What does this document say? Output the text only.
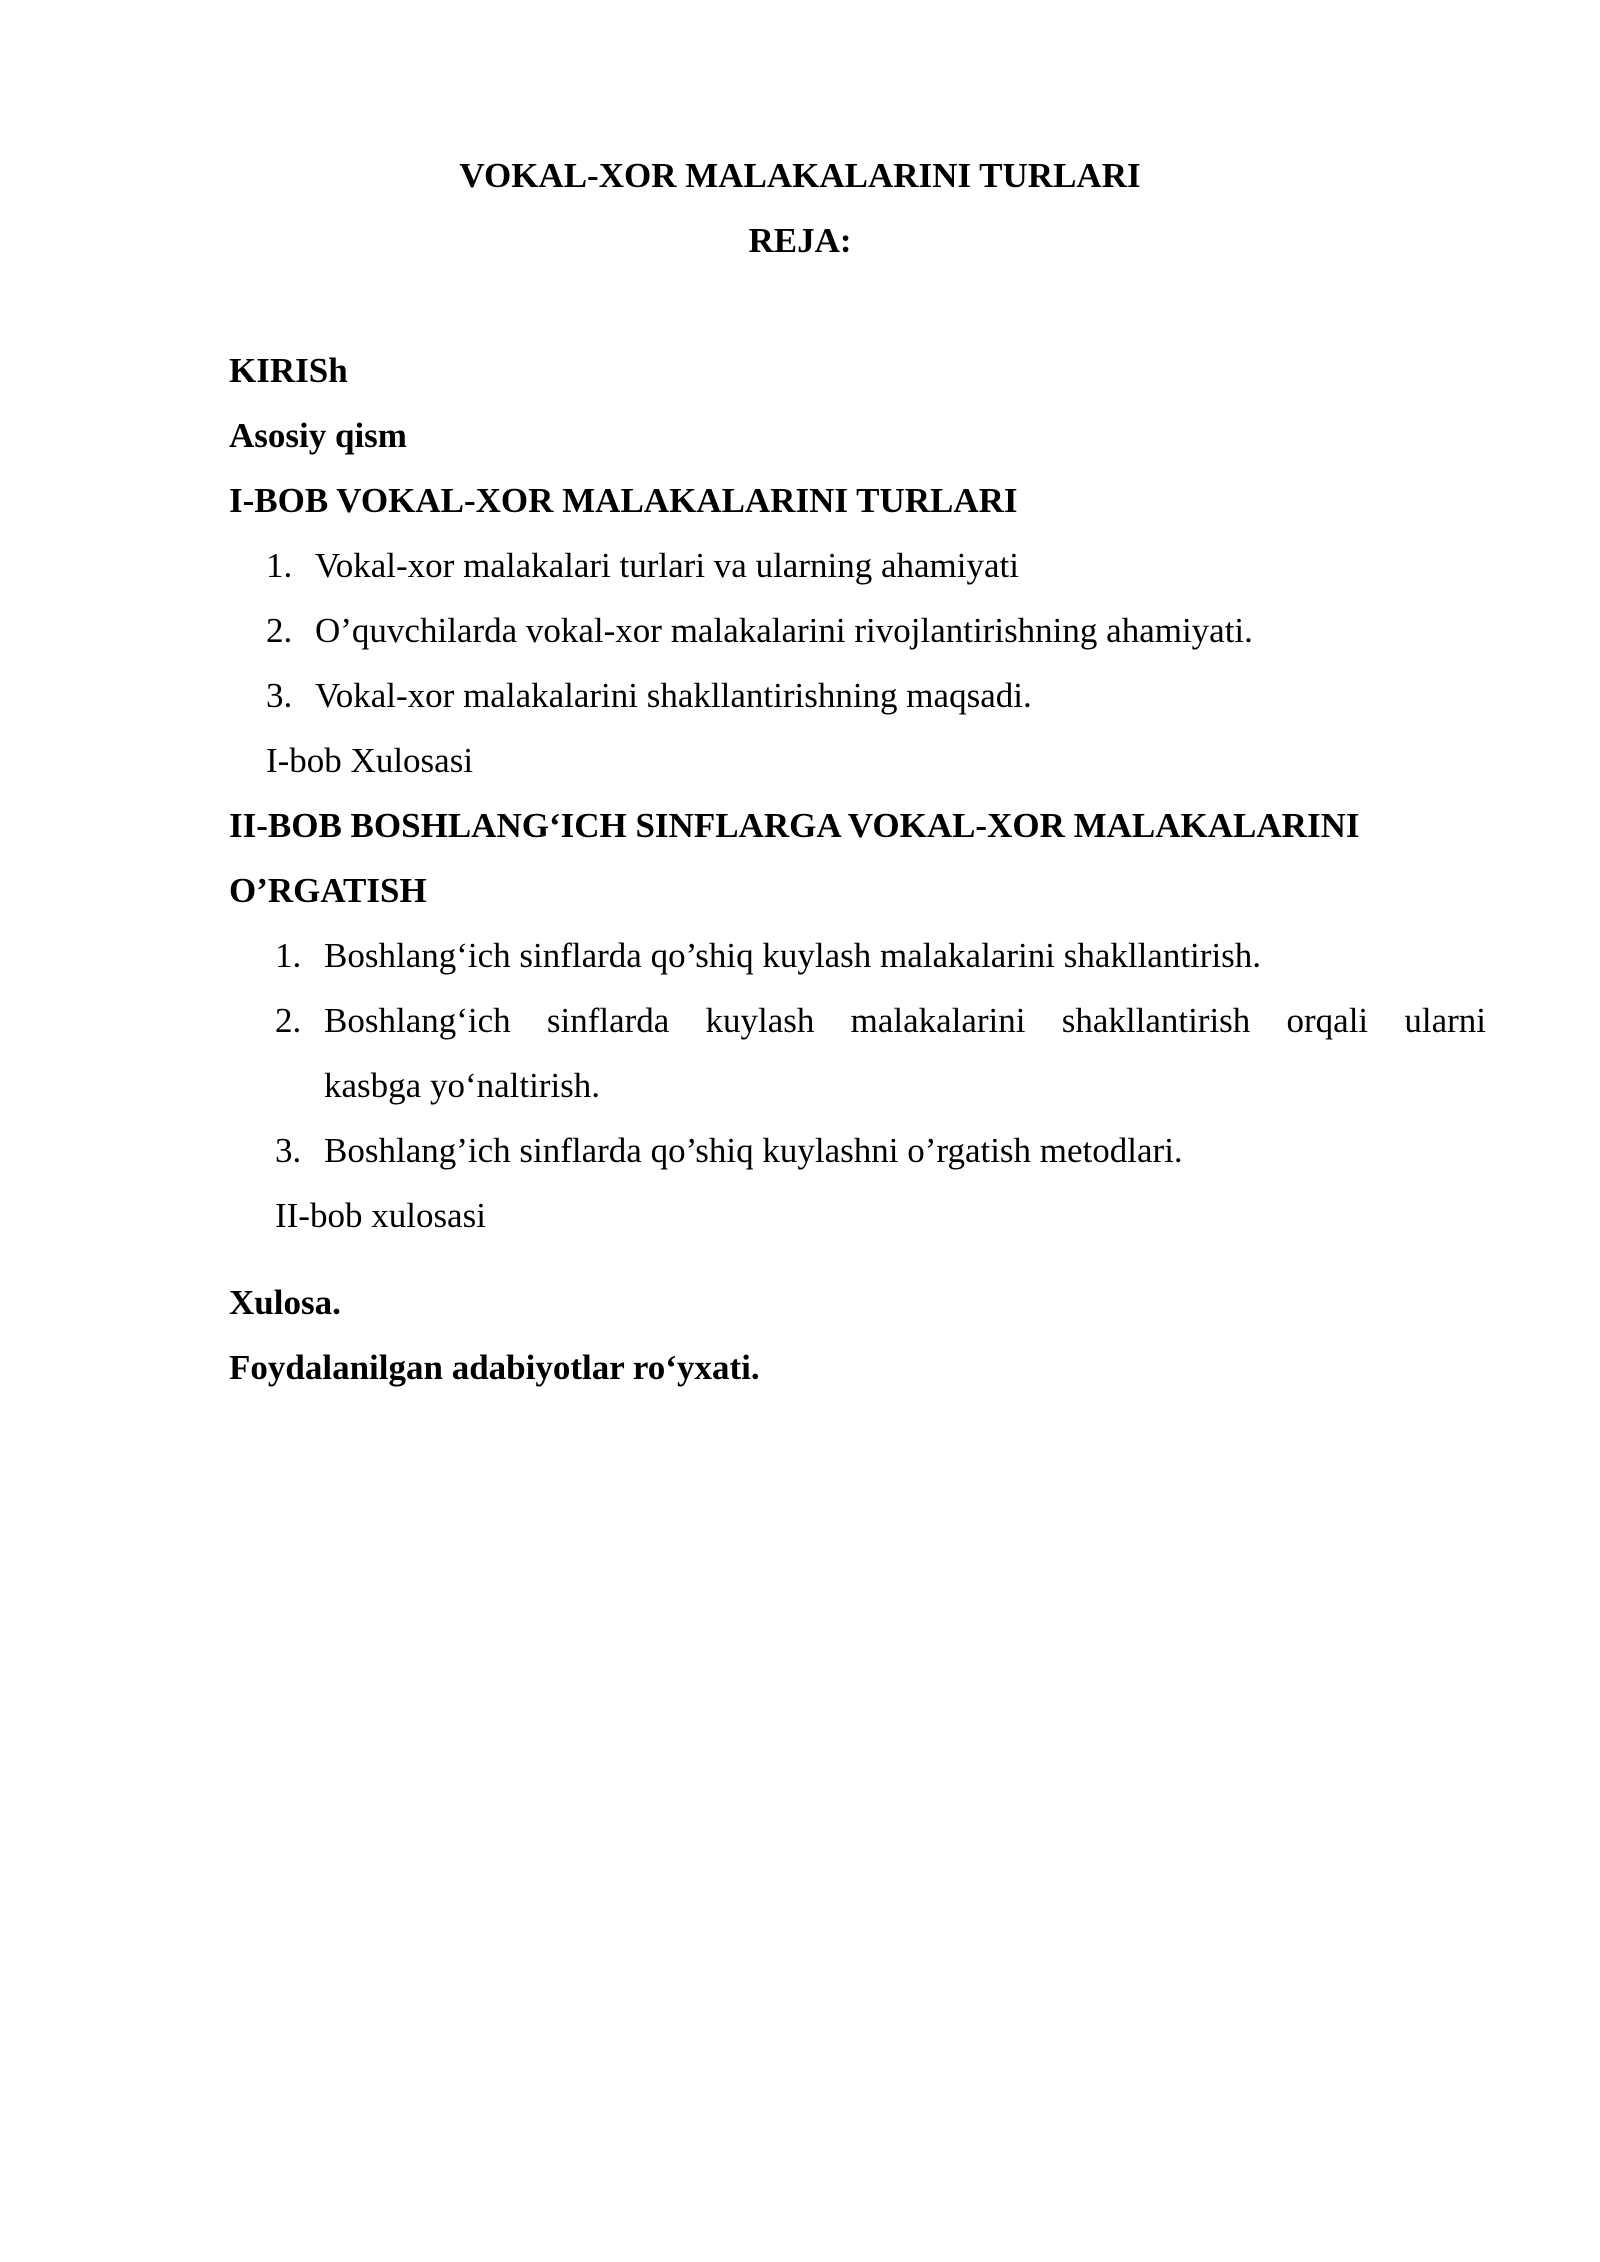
VOKAL-XOR MALAKALARINI TURLARI
REJA:
KIRISh
Asosiy qism
I-BOB VOKAL-XOR MALAKALARINI TURLARI
1. Vokal-xor malakalari turlari va ularning ahamiyati
2. O’quvchilarda vokal-xor malakalarini rivojlantirishning ahamiyati.
3. Vokal-xor malakalarini shakllantirishning maqsadi.
I-bob Xulosasi
II-BOB BOSHLANG‘ICH SINFLARGA VOKAL-XOR MALAKALARINI
O’RGATISH
1. Boshlang‘ich sinflarda qo’shiq kuylash malakalarini shakllantirish.
2. Boshlang‘ich sinflarda kuylash malakalarini shakllantirish orqali ularni
kasbga yo‘naltirish.
3. Boshlang’ich sinflarda qo’shiq kuylashni o’rgatish metodlari.
II-bob xulosasi
Xulosa.
Foydalanilgan adabiyotlar ro‘yxati.
